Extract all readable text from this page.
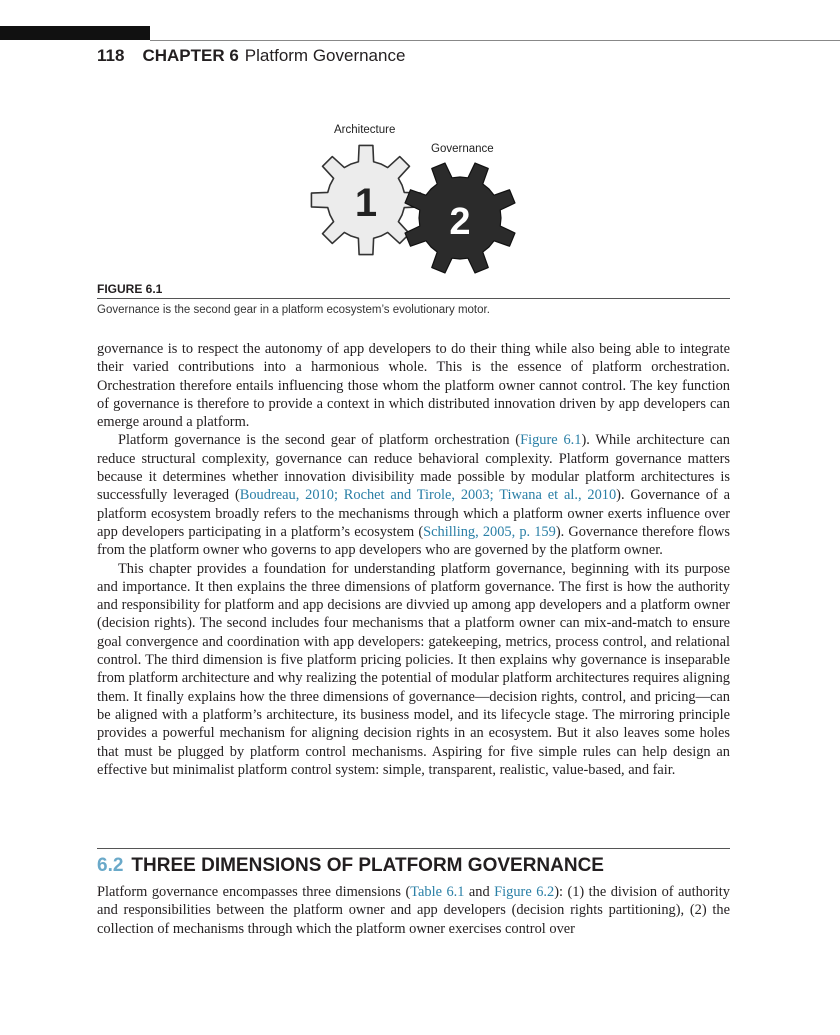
118 CHAPTER 6 Platform Governance
1 2
Architecture
Governance
FIGURE 6.1
Governance is the second gear in a platform ecosystem’s evolutionary motor.

governance is to respect the autonomy of app developers to do their thing while also being able to integrate their varied contributions into a harmonious whole. This is the essence of platform orchestration. Orchestration therefore entails influencing those whom the platform owner cannot control. The key function of governance is therefore to provide a context in which distributed innovation driven by app developers can emerge around a platform.

Platform governance is the second gear of platform orchestration (Figure 6.1). While architecture can reduce structural complexity, governance can reduce behavioral complexity. Platform governance matters because it determines whether innovation divisibility made possible by modular platform architectures is successfully leveraged (Boudreau, 2010; Rochet and Tirole, 2003; Tiwana et al., 2010). Governance of a platform ecosystem broadly refers to the mechanisms through which a platform owner exerts influence over app developers participating in a platform’s ecosystem (Schilling, 2005, p. 159). Governance therefore flows from the platform owner who governs to app developers who are governed by the platform owner.

This chapter provides a foundation for understanding platform governance, beginning with its purpose and importance. It then explains the three dimensions of platform governance. The first is how the authority and responsibility for platform and app decisions are divvied up among app developers and a platform owner (decision rights). The second includes four mechanisms that a platform owner can mix-and-match to ensure goal convergence and coordination with app developers: gatekeeping, metrics, process control, and relational control. The third dimension is five platform pricing policies. It then explains why governance is inseparable from platform architecture and why realizing the potential of modular platform architectures requires aligning them. It finally explains how the three dimensions of governance—decision rights, control, and pricing—can be aligned with a platform’s architecture, its business model, and its lifecycle stage. The mirroring principle provides a powerful mechanism for aligning decision rights in an ecosystem. But it also leaves some holes that must be plugged by platform control mechanisms. Aspiring for five simple rules can help design an effective but minimalist platform control system: simple, transparent, realistic, value-based, and fair.

6.2 THREE DIMENSIONS OF PLATFORM GOVERNANCE

Platform governance encompasses three dimensions (Table 6.1 and Figure 6.2): (1) the division of authority and responsibilities between the platform owner and app developers (decision rights partitioning), (2) the collection of mechanisms through which the platform owner exercises control over
